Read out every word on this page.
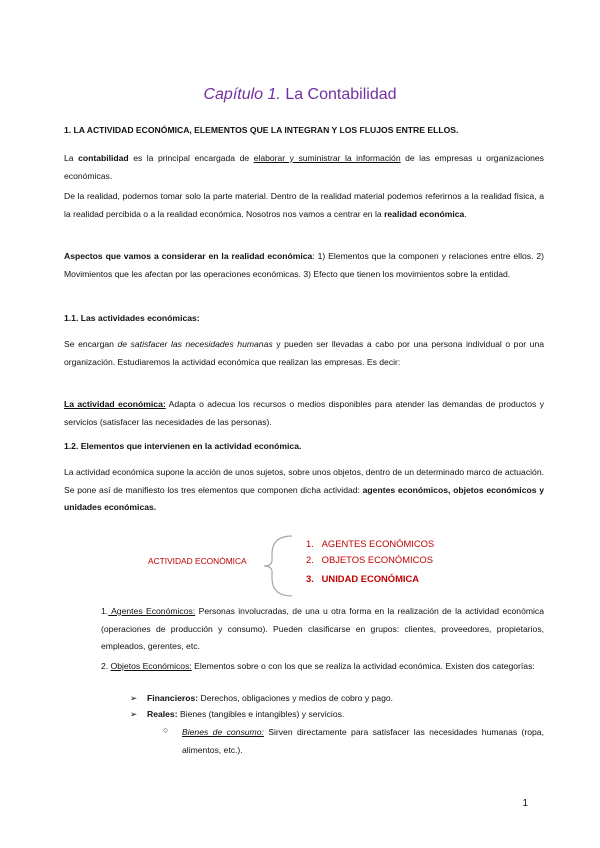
Capítulo 1. La Contabilidad
1. LA ACTIVIDAD ECONÓMICA, ELEMENTOS QUE LA INTEGRAN Y LOS FLUJOS ENTRE ELLOS.
La contabilidad es la principal encargada de elaborar y suministrar la información de las empresas u organizaciones económicas.
De la realidad, podemos tomar solo la parte material. Dentro de la realidad material podemos referirnos a la realidad física, a la realidad percibida o a la realidad económica. Nosotros nos vamos a centrar en la realidad económica.
Aspectos que vamos a considerar en la realidad económica: 1) Elementos que la componen y relaciones entre ellos. 2) Movimientos que les afectan por las operaciones económicas. 3) Efecto que tienen los movimientos sobre la entidad.
1.1. Las actividades económicas:
Se encargan de satisfacer las necesidades humanas y pueden ser llevadas a cabo por una persona individual o por una organización. Estudiaremos la actividad económica que realizan las empresas. Es decir:
La actividad económica: Adapta o adecua los recursos o medios disponibles para atender las demandas de productos y servicios (satisfacer las necesidades de las personas).
1.2. Elementos que intervienen en la actividad económica.
La actividad económica supone la acción de unos sujetos, sobre unos objetos, dentro de un determinado marco de actuación. Se pone así de manifiesto los tres elementos que componen dicha actividad: agentes económicos, objetos económicos y unidades económicas.
ACTIVIDAD ECONÓMICA
1. AGENTES ECONÓMICOS
2. OBJETOS ECONÓMICOS
3. UNIDAD ECONÓMICA
1. Agentes Económicos: Personas involucradas, de una u otra forma en la realización de la actividad económica (operaciones de producción y consumo). Pueden clasificarse en grupos: clientes, proveedores, propietarios, empleados, gerentes, etc.
2. Objetos Económicos: Elementos sobre o con los que se realiza la actividad económica. Existen dos categorías:
➢ Financieros: Derechos, obligaciones y medios de cobro y pago.
➢ Reales: Bienes (tangibles e intangibles) y servicios.
○ Bienes de consumo: Sirven directamente para satisfacer las necesidades humanas (ropa, alimentos, etc.).
1
